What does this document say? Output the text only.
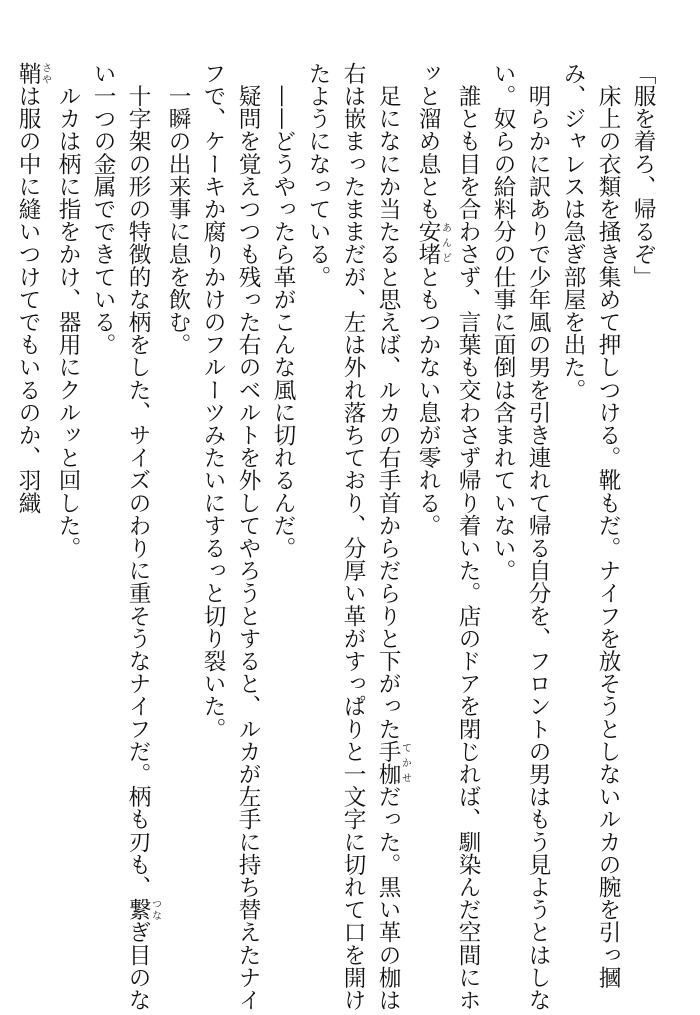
「服を着ろ、帰るぞ」

　床上の衣類を掻き集めて押しつける。靴もだ。ナイフを放そうとしないルカの腕を引っ摑

み、ジャレスは急ぎ部屋を出た。

　明らかに訳ありで少年風の男を引き連れて帰る自分を、フロントの男はもう見ようとはしな

い。奴らの給料分の仕事に面倒は含まれていない。

　誰とも目を合わさず、言葉も交わさず帰り着いた。店のドアを閉じれば、馴染んだ空間にホ

ッと溜め息とも安堵あんどともつかない息が零れる。

　足になにか当たると思えば、ルカの右手首からだらりと下がった手枷てかせだった。黒い革の枷は

右は嵌まったままだが、左は外れ落ちており、分厚い革がすっぱりと一文字に切れて口を開け

たようになっている。

　——どうやったら革がこんな風に切れるんだ。

　疑問を覚えつつも残った右のベルトを外してやろうとすると、ルカが左手に持ち替えたナイ

フで、ケーキか腐りかけのフルーツみたいにするっと切り裂いた。

　一瞬の出来事に息を飲む。

　十字架の形の特徴的な柄をした、サイズのわりに重そうなナイフだ。柄も刃も、繋つなぎ目のな

い一つの金属でできている。

　ルカは柄に指をかけ、器用にクルッと回した。

鞘さやは服の中に縫いつけてでもいるのか、羽織
